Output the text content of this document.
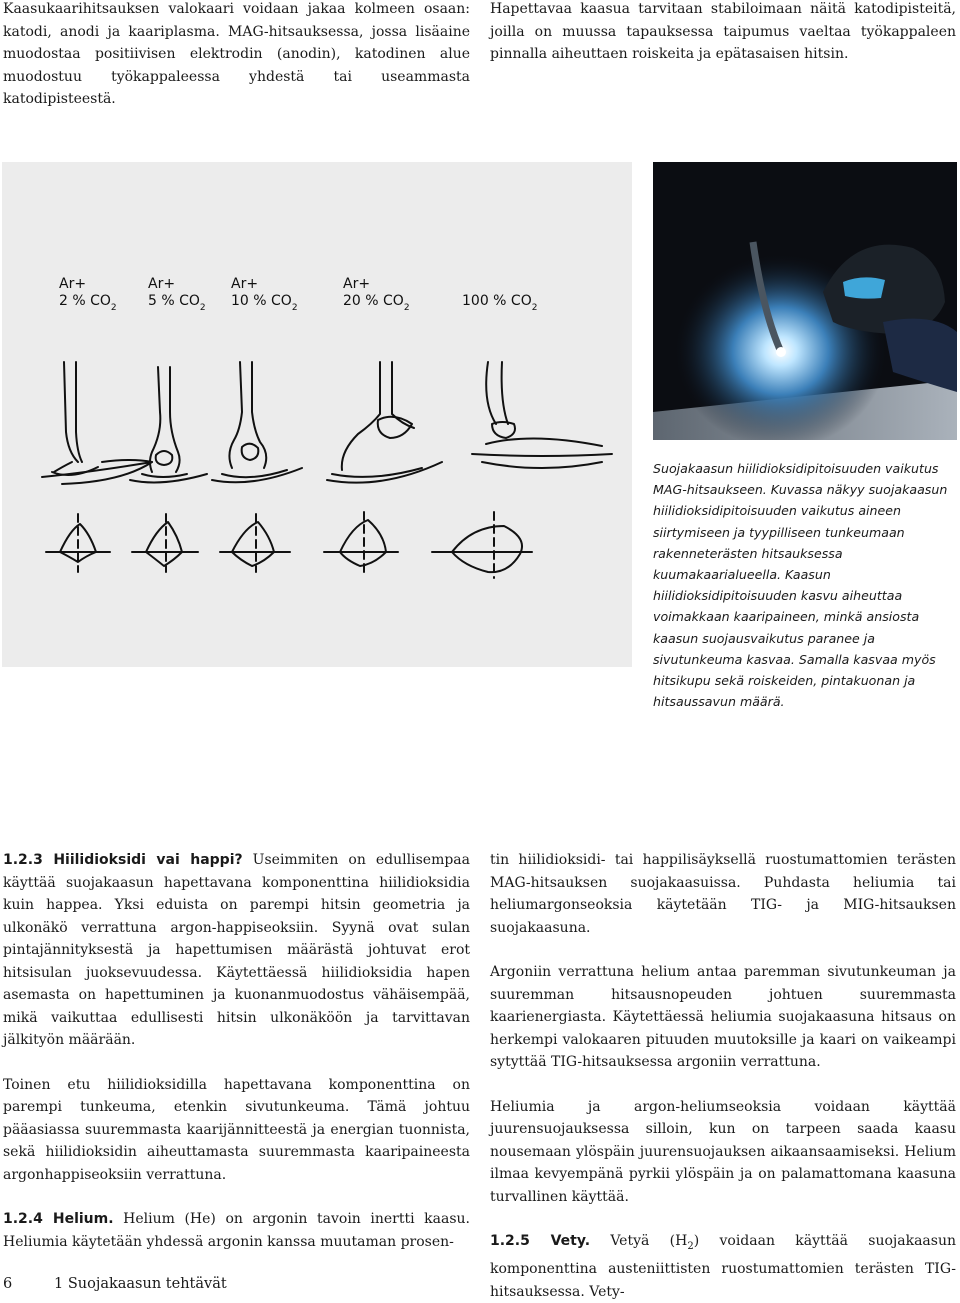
Kaasukaarihitsauksen valokaari voidaan jakaa kolmeen osaan: katodi, anodi ja kaariplasma. MAG-hitsauksessa, jossa lisäaine muodostaa positiivisen elektrodin (anodin), katodinen alue muodostuu työkappaleessa yhdestä tai useammasta katodipisteestä.

Hapettavaa kaasua tarvitaan stabiloimaan näitä katodipisteitä, joilla on muussa tapauksessa taipumus vaeltaa työkappaleen pinnalla aiheuttaen roiskeita ja epätasaisen hitsin.

Ar+
2 % $CO_2$
Ar+
5 % $CO_2$
Ar+
10 % $CO_2$
Ar+
20 % $CO_2$	100 % $CO_2$
Suojakaasun hiilidioksidipitoisuuden vaikutus MAG-hitsaukseen. Kuvassa näkyy suojakaasun hiilidioksidipitoisuuden vaikutus aineen siirtymiseen ja tyypilliseen tunkeumaan rakenneterästen hitsauksessa kuumakaarialueella. Kaasun hiilidioksidipitoisuuden kasvu aiheuttaa voimakkaan kaaripaineen, minkä ansiosta kaasun suojausvaikutus paranee ja sivutunkeuma kasvaa. Samalla kasvaa myös hitsikupu sekä roiskeiden, pintakuonan ja hitsaussavun määrä.

1.2.3 Hiilidioksidi vai happi? Useimmiten on edullisempaa käyttää suojakaasun hapettavana komponenttina hiilidioksidia kuin happea. Yksi eduista on parempi hitsin geometria ja ulkonäkö verrattuna argon-happiseoksiin. Syynä ovat sulan pintajännityksestä ja hapettumisen määrästä johtuvat erot hitsisulan juoksevuudessa. Käytettäessä hiilidioksidia hapen asemasta on hapettuminen ja kuonanmuodostus vähäisempää, mikä vaikuttaa edullisesti hitsin ulkonäköön ja tarvittavan jälkityön määrään.

Toinen etu hiilidioksidilla hapettavana komponenttina on parempi tunkeuma, etenkin sivutunkeuma. Tämä johtuu pääasiassa suuremmasta kaarijännitteestä ja energian tuonnista, sekä hiilidioksidin aiheuttamasta suuremmasta kaaripaineesta argonhappiseoksiin verrattuna.

1.2.4 Helium. Helium (He) on argonin tavoin inertti kaasu. Heliumia käytetään yhdessä argonin kanssa muutaman prosen-

tin hiilidioksidi- tai happilisäyksellä ruostumattomien terästen MAG-hitsauksen suojakaasuissa. Puhdasta heliumia tai heliumargonseoksia käytetään TIG- ja MIG-hitsauksen suojakaasuna.

Argoniin verrattuna helium antaa paremman sivutunkeuman ja suuremman hitsausnopeuden johtuen suuremmasta kaarienergiasta. Käytettäessä heliumia suojakaasuna hitsaus on herkempi valokaaren pituuden muutoksille ja kaari on vaikeampi sytyttää TIG-hitsauksessa argoniin verrattuna.

Heliumia ja argon-heliumseoksia voidaan käyttää juurensuojauksessa silloin, kun on tarpeen saada kaasu nousemaan ylöspäin juurensuojauksen aikaansaamiseksi. Helium ilmaa kevyempänä pyrkii ylöspäin ja on palamattomana kaasuna turvallinen käyttää.

1.2.5 Vety. Vetyä $(H_2)$ voidaan käyttää suojakaasun komponenttina austeniittisten ruostumattomien terästen TIG-hitsauksessa. Vety-

6	1 Suojakaasun tehtävät
